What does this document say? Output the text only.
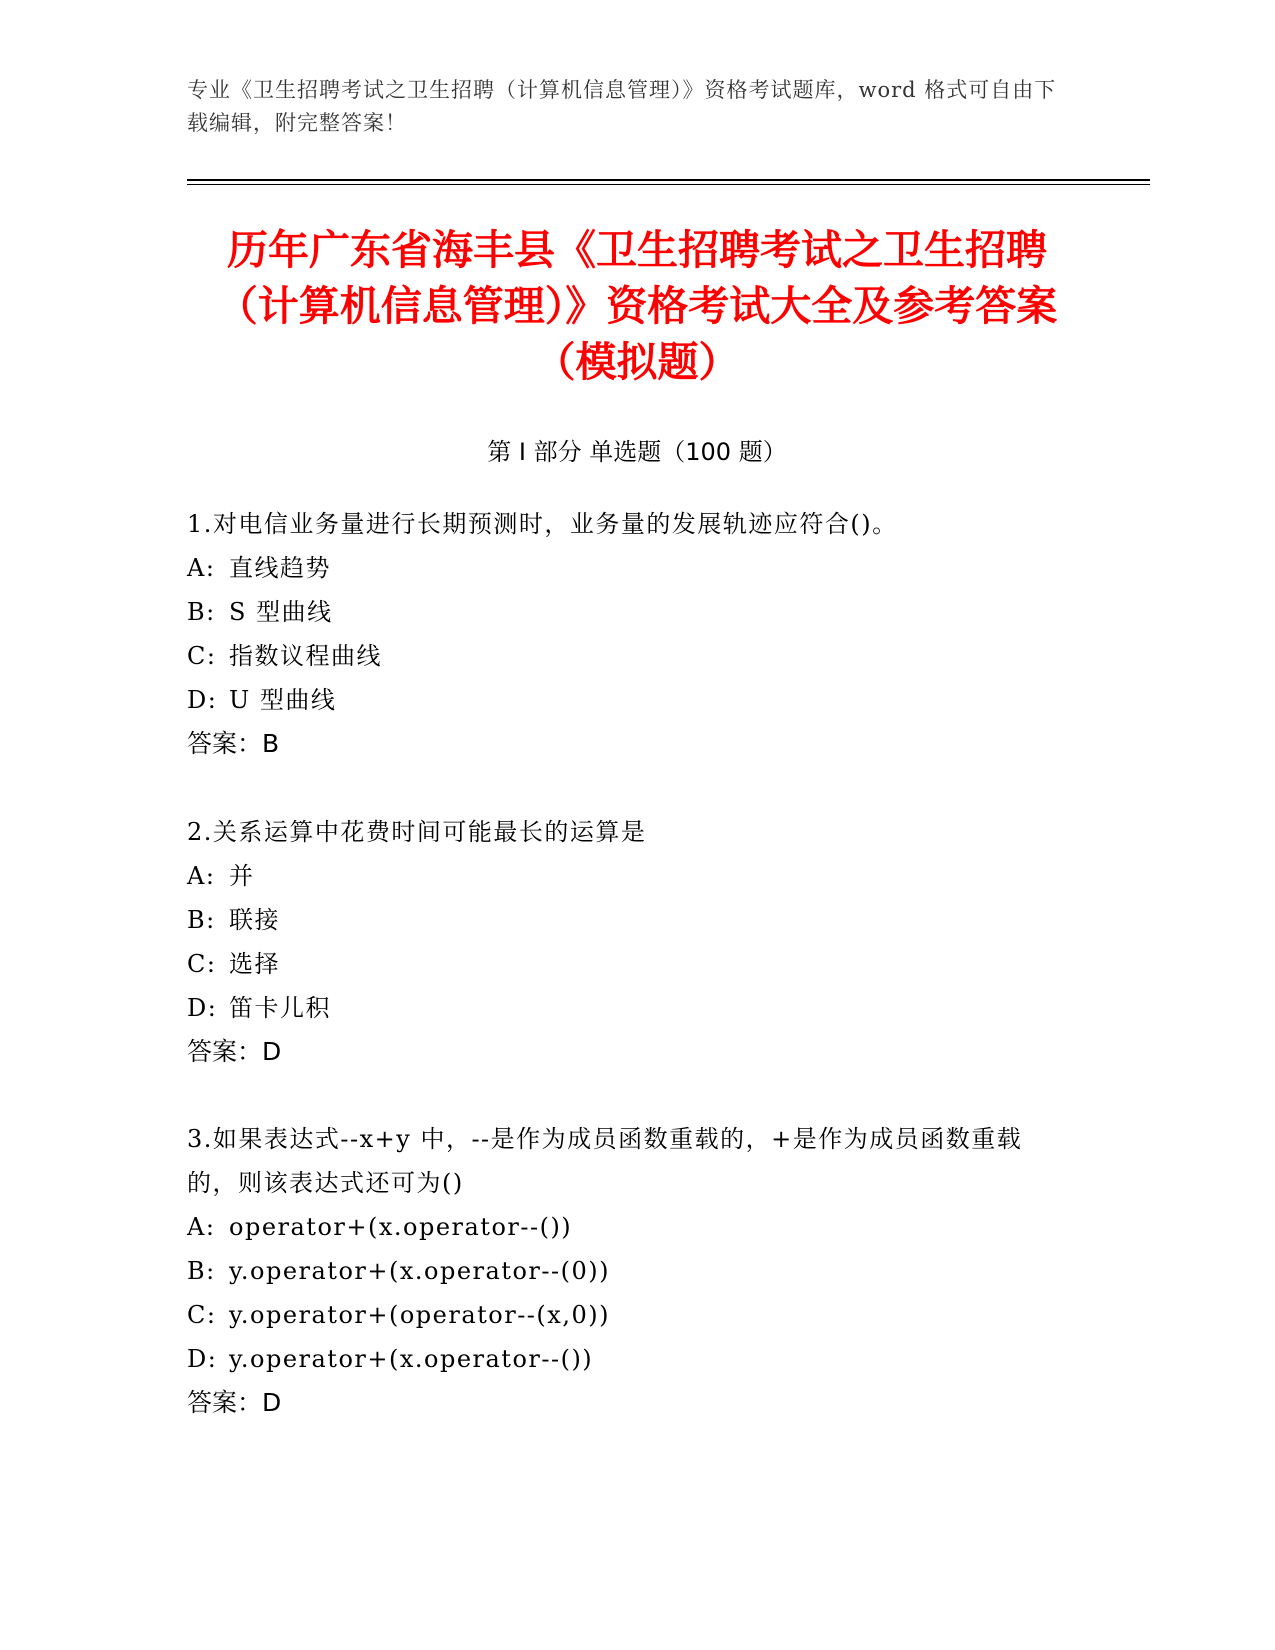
专业《卫生招聘考试之卫生招聘（计算机信息管理）》资格考试题库，word 格式可自由下载编辑，附完整答案！
历年广东省海丰县《卫生招聘考试之卫生招聘（计算机信息管理）》资格考试大全及参考答案（模拟题）
第 I 部分 单选题（100 题）
1.对电信业务量进行长期预测时，业务量的发展轨迹应符合()。
A: 直线趋势
B: S 型曲线
C: 指数议程曲线
D: U 型曲线
答案：B
2.关系运算中花费时间可能最长的运算是
A: 并
B: 联接
C: 选择
D: 笛卡儿积
答案：D
3.如果表达式--x+y 中，--是作为成员函数重载的，+是作为成员函数重载的，则该表达式还可为()
A: operator+(x.operator--())
B: y.operator+(x.operator--(0))
C: y.operator+(operator--(x,0))
D: y.operator+(x.operator--())
答案：D
